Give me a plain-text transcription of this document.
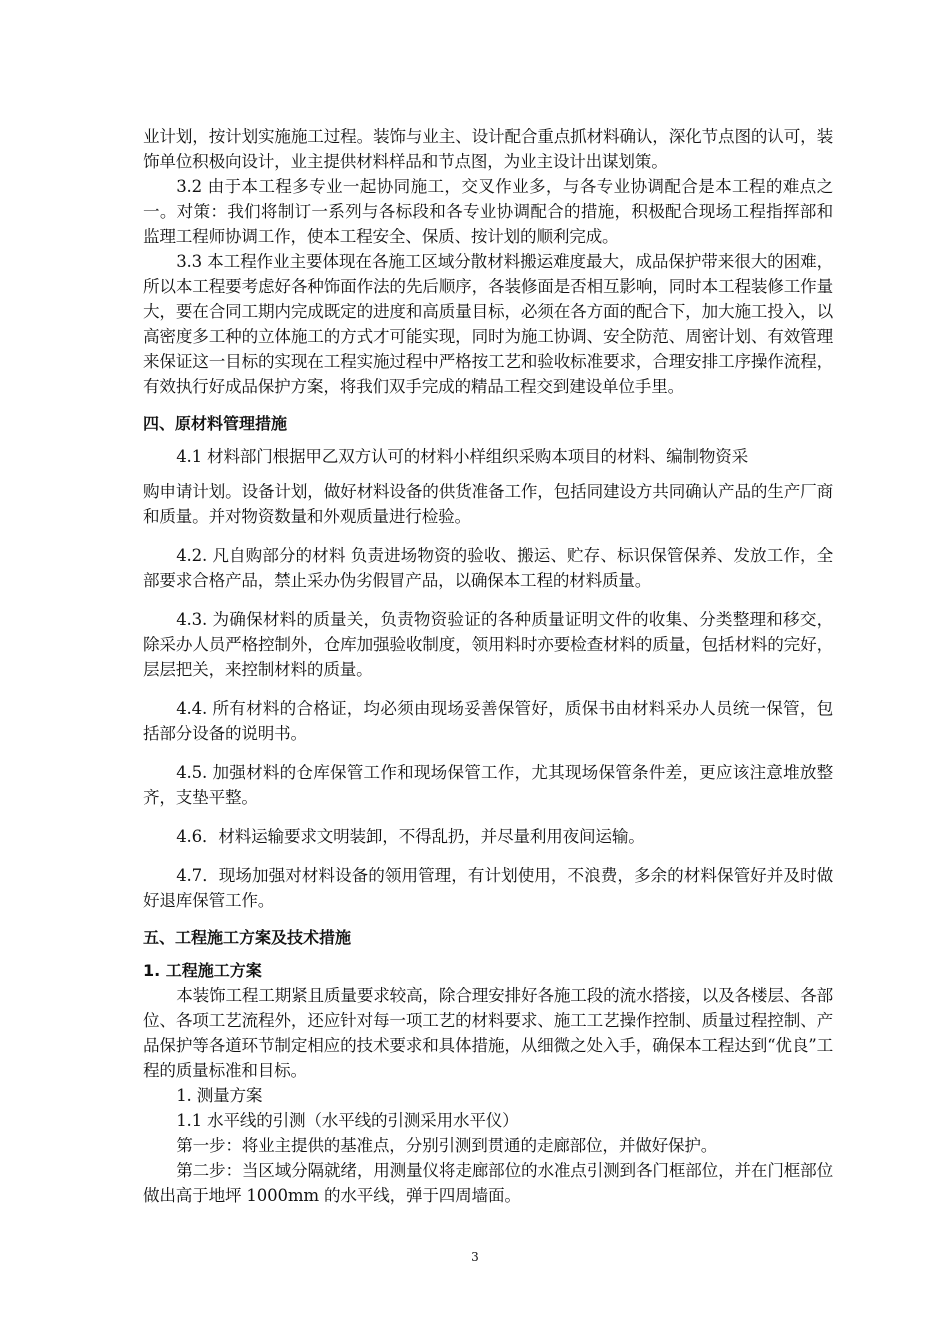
业计划，按计划实施施工过程。装饰与业主、设计配合重点抓材料确认，深化节点图的认可，装饰单位积极向设计，业主提供材料样品和节点图，为业主设计出谋划策。

3.2 由于本工程多专业一起协同施工，交叉作业多，与各专业协调配合是本工程的难点之一。对策：我们将制订一系列与各标段和各专业协调配合的措施，积极配合现场工程指挥部和 监理工程师协调工作，使本工程安全、保质、按计划的顺利完成。

3.3 本工程作业主要体现在各施工区域分散材料搬运难度最大，成品保护带来很大的困难，所以本工程要考虑好各种饰面作法的先后顺序，各装修面是否相互影响，同时本工程装修工作量大，要在合同工期内完成既定的进度和高质量目标，必须在各方面的配合下，加大施工投入，以高密度多工种的立体施工的方式才可能实现，同时为施工协调、安全防范、周密计划、有效管理来保证这一目标的实现在工程实施过程中严格按工艺和验收标准要求，合理安排工序操作流程，有效执行好成品保护方案，将我们双手完成的精品工程交到建设单位手里。

四、原材料管理措施

4.1 材料部门根据甲乙双方认可的材料小样组织采购本项目的材料、编制物资采

购申请计划。设备计划，做好材料设备的供货准备工作，包括同建设方共同确认产品的生产厂商和质量。并对物资数量和外观质量进行检验。

4.2. 凡自购部分的材料 负责进场物资的验收、搬运、贮存、标识保管保养、发放工作，全部要求合格产品，禁止采办伪劣假冒产品，以确保本工程的材料质量。

4.3. 为确保材料的质量关，负责物资验证的各种质量证明文件的收集、分类整理和移交，除采办人员严格控制外，仓库加强验收制度，领用料时亦要检查材料的质量，包括材料的完好，层层把关，来控制材料的质量。

4.4. 所有材料的合格证，均必须由现场妥善保管好，质保书由材料采办人员统一保管，包括部分设备的说明书。

4.5. 加强材料的仓库保管工作和现场保管工作，尤其现场保管条件差，更应该注意堆放整齐，支垫平整。

4.6．材料运输要求文明装卸，不得乱扔，并尽量利用夜间运输。

4.7．现场加强对材料设备的领用管理，有计划使用，不浪费，多余的材料保管好并及时做好退库保管工作。

五、工程施工方案及技术措施

1. 工程施工方案

本装饰工程工期紧且质量要求较高，除合理安排好各施工段的流水搭接，以及各楼层、各部位、各项工艺流程外，还应针对每一项工艺的材料要求、施工工艺操作控制、质量过程控制、产品保护等各道环节制定相应的技术要求和具体措施，从细微之处入手，确保本工程达到“优良”工程的质量标准和目标。

1. 测量方案

1.1 水平线的引测（水平线的引测采用水平仪）

第一步：将业主提供的基准点，分别引测到贯通的走廊部位，并做好保护。

第二步：当区域分隔就绪，用测量仪将走廊部位的水准点引测到各门框部位，并在门框部位做出高于地坪 1000mm 的水平线，弹于四周墙面。

3
